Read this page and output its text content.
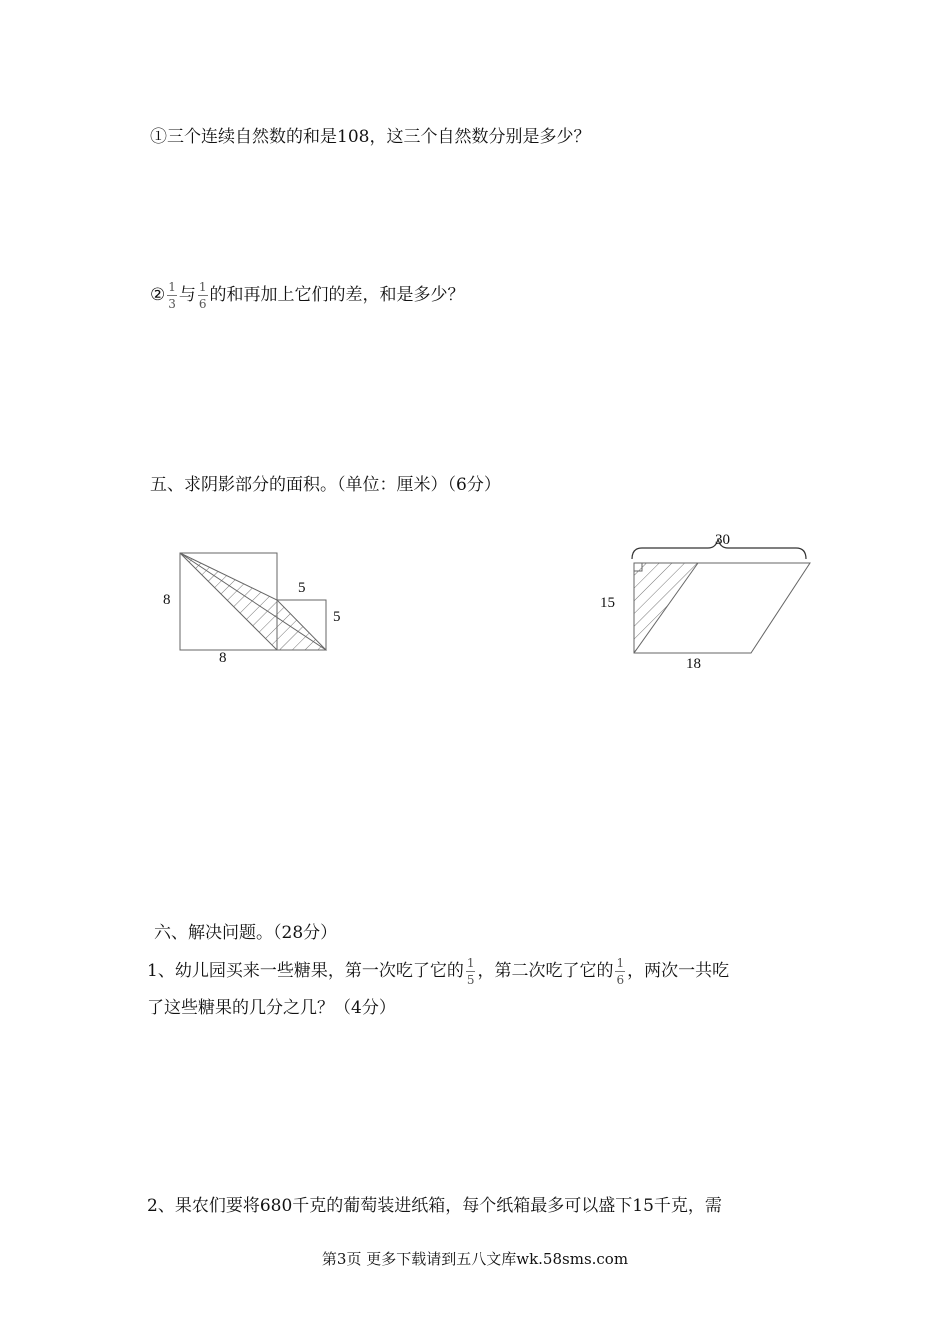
①三个连续自然数的和是108，这三个自然数分别是多少？
② $\frac{1}{3}$ 与 $\frac{1}{6}$ 的和再加上它们的差，和是多少？
五、求阴影部分的面积。（单位：厘米）（6分）
8
8
5
5
30
15
18
六、解决问题。（28分）
1、幼儿园买来一些糖果，第一次吃了它的 $\frac{1}{5}$ ，第二次吃了它的 $\frac{1}{6}$ ，两次一共吃
了这些糖果的几分之几？（4分）
2、果农们要将680千克的葡萄装进纸箱，每个纸箱最多可以盛下15千克，需
第3页 更多下载请到五八文库wk.58sms.com
